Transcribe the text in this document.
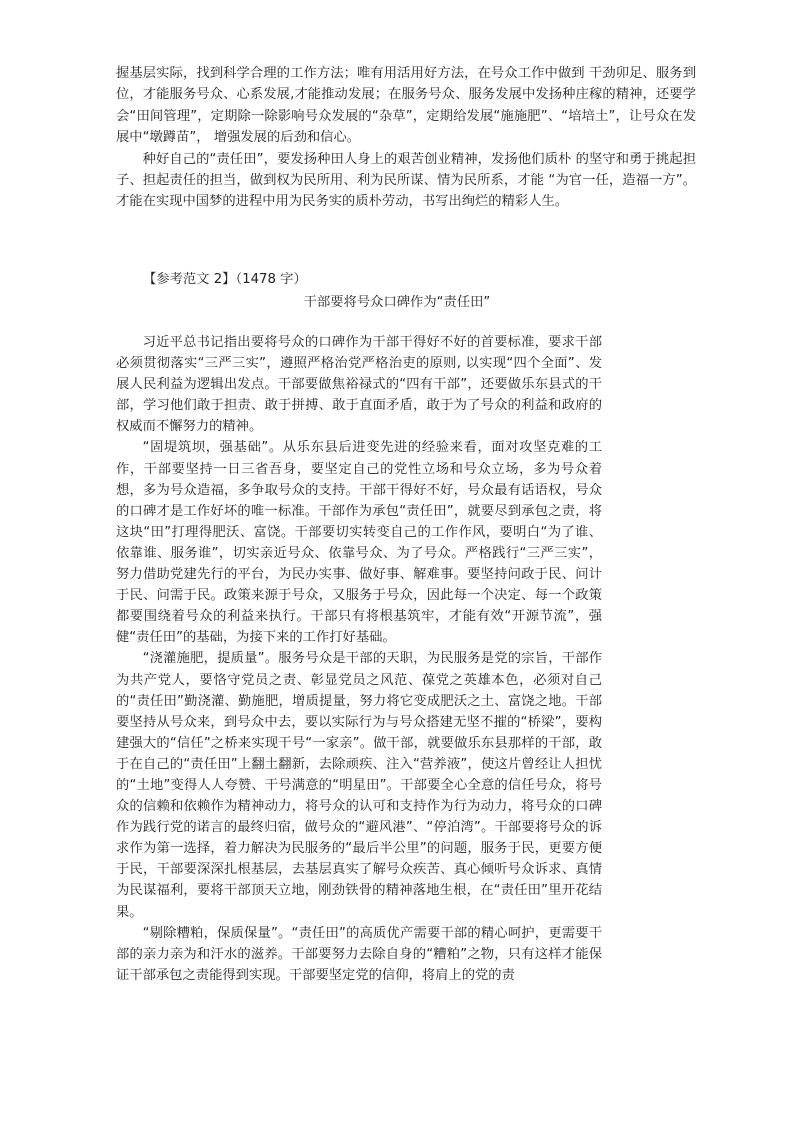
握基层实际，找到科学合理的工作方法；唯有用活用好方法，在号众工作中做到 干劲卯足、服务到位，才能服务号众、心系发展,才能推动发展；在服务号众、服务发展中发扬种庄稼的精神，还要学会“田间管理”，定期除一除影响号众发展的“杂草”，定期给发展“施施肥”、“培培土”，让号众在发展中“墩蹲苗”， 增强发展的后劲和信心。

种好自己的“责任田”，要发扬种田人身上的艰苦创业精神，发扬他们质朴 的坚守和勇于挑起担子、担起责任的担当，做到权为民所用、利为民所谋、情为民所系，才能 “为官一任，造福一方”。才能在实现中国梦的进程中用为民务实的质朴劳动，书写出绚烂的精彩人生。

【参考范文 2】（1478 字）
干部要将号众口碑作为“责任田”

习近平总书记指出要将号众的口碑作为干部干得好不好的首要标准，要求干部必须贯彻落实“三严三实”，遵照严格治党严格治吏的原则, 以实现“四个全面”、发展人民利益为逻辑出发点。干部要做焦裕禄式的“四有干部”，还要做乐东县式的干部，学习他们敢于担责、敢于拼搏、敢于直面矛盾，敢于为了号众的利益和政府的权威而不懈努力的精神。

“固堤筑坝，强基础”。从乐东县后进变先进的经验来看，面对攻坚克难的工作，干部要坚持一日三省吾身，要坚定自己的党性立场和号众立场，多为号众着想，多为号众造福，多争取号众的支持。干部干得好不好，号众最有话语权，号众的口碑才是工作好坏的唯一标准。干部作为承包“责任田”，就要尽到承包之责，将这块“田”打理得肥沃、富饶。干部要切实转变自己的工作作风，要明白“为了谁、依靠谁、服务谁”，切实亲近号众、依靠号众、为了号众。严格践行“三严三实”，努力借助党建先行的平台，为民办实事、做好事、解难事。要坚持问政于民、问计于民、问需于民。政策来源于号众，又服务于号众，因此每一个决定、每一个政策都要围绕着号众的利益来执行。干部只有将根基筑牢，才能有效“开源节流”，强健“责任田”的基础，为接下来的工作打好基础。

“浇灌施肥，提质量”。服务号众是干部的天职，为民服务是党的宗旨，干部作为共产党人，要恪守党员之责、彰显党员之风范、葆党之英雄本色，必须对自己的“责任田”勤浇灌、勤施肥，增质提量，努力将它变成肥沃之土、富饶之地。干部要坚持从号众来，到号众中去，要以实际行为与号众搭建无坚不摧的“桥梁”，要构建强大的“信任”之桥来实现干号“一家亲”。做干部，就要做乐东县那样的干部，敢于在自己的“责任田”上翻土翻新，去除顽疾、注入“营养液”，使这片曾经让人担忧的“土地”变得人人夸赞、干号满意的“明星田”。干部要全心全意的信任号众，将号众的信赖和依赖作为精神动力，将号众的认可和支持作为行为动力，将号众的口碑作为践行党的诺言的最终归宿，做号众的“避风港”、“停泊湾”。干部要将号众的诉求作为第一选择，着力解决为民服务的“最后半公里”的问题，服务于民，更要方便于民，干部要深深扎根基层，去基层真实了解号众疾苦、真心倾听号众诉求、真情为民谋福利，要将干部顶天立地，刚劲铁骨的精神落地生根，在“责任田”里开花结果。

“剔除糟粕，保质保量”。“责任田”的高质优产需要干部的精心呵护，更需要干部的亲力亲为和汗水的滋养。干部要努力去除自身的“糟粕”之物，只有这样才能保证干部承包之责能得到实现。干部要坚定党的信仰，将肩上的党的责
